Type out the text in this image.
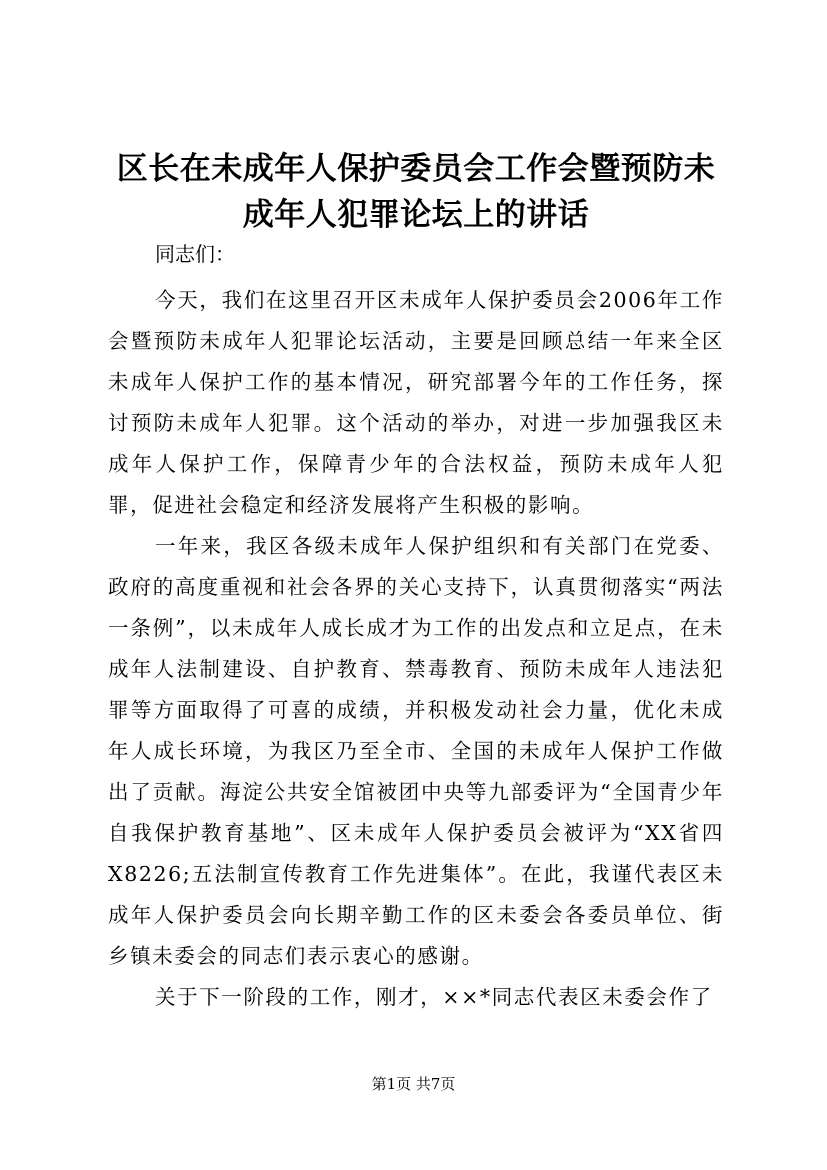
区长在未成年人保护委员会工作会暨预防未成年人犯罪论坛上的讲话

同志们：

今天，我们在这里召开区未成年人保护委员会2006年工作会暨预防未成年人犯罪论坛活动，主要是回顾总结一年来全区未成年人保护工作的基本情况，研究部署今年的工作任务，探讨预防未成年人犯罪。这个活动的举办，对进一步加强我区未成年人保护工作，保障青少年的合法权益，预防未成年人犯罪，促进社会稳定和经济发展将产生积极的影响。

一年来，我区各级未成年人保护组织和有关部门在党委、政府的高度重视和社会各界的关心支持下，认真贯彻落实“两法一条例”，以未成年人成长成才为工作的出发点和立足点，在未成年人法制建设、自护教育、禁毒教育、预防未成年人违法犯罪等方面取得了可喜的成绩，并积极发动社会力量，优化未成年人成长环境，为我区乃至全市、全国的未成年人保护工作做出了贡献。海淀公共安全馆被团中央等九部委评为“全国青少年自我保护教育基地”、区未成年人保护委员会被评为“XX省四X8226;五法制宣传教育工作先进集体”。在此，我谨代表区未成年人保护委员会向长期辛勤工作的区未委会各委员单位、街乡镇未委会的同志们表示衷心的感谢。

关于下一阶段的工作，刚才，××*同志代表区未委会作了

第1页 共7页
